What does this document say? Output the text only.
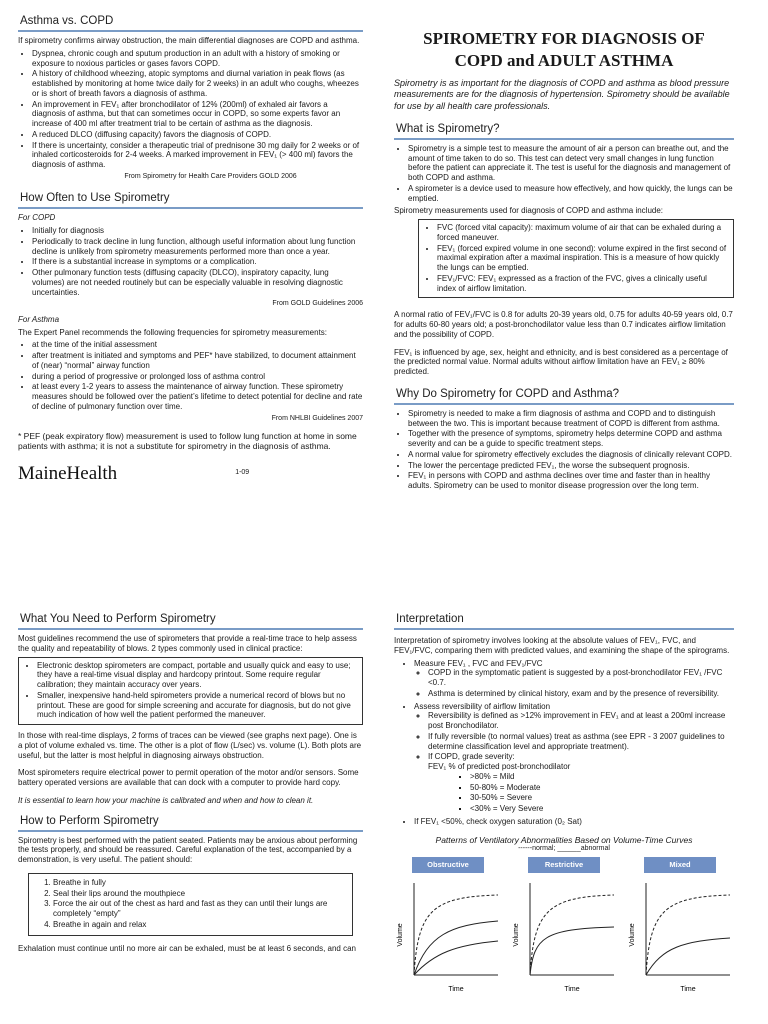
Asthma vs. COPD

If spirometry confirms airway obstruction, the main differential diagnoses are COPD and asthma.

• Dyspnea, chronic cough and sputum production in an adult with a history of smoking or exposure to noxious particles or gases favors COPD.
• A history of childhood wheezing, atopic symptoms and diurnal variation in peak flows (as established by monitoring at home twice daily for 2 weeks) in an adult who coughs, wheezes or is short of breath favors a diagnosis of asthma.
• An improvement in FEV₁ after bronchodilator of 12% (200ml) of exhaled air favors a diagnosis of asthma, but that can sometimes occur in COPD, so some experts favor an increase of 400 ml after treatment trial to be certain of asthma as the diagnosis.
• A reduced DLCO (diffusing capacity) favors the diagnosis of COPD.
• If there is uncertainty, consider a therapeutic trial of prednisone 30 mg daily for 2 weeks or of inhaled corticosteroids for 2-4 weeks. A marked improvement in FEV₁ (> 400 ml) favors the diagnosis of asthma.
From Spirometry for Health Care Providers GOLD 2006
How Often to Use Spirometry

For COPD

• Initially for diagnosis
• Periodically to track decline in lung function, although useful information about lung function decline is unlikely from spirometry measurements performed more than once a year.
• If there is a substantial increase in symptoms or a complication.
• Other pulmonary function tests (diffusing capacity (DLCO), inspiratory capacity, lung volumes) are not needed routinely but can be especially valuable in resolving diagnostic uncertainties.
From GOLD Guidelines 2006

For Asthma

The Expert Panel recommends the following frequencies for spirometry measurements:

• at the time of the initial assessment
• after treatment is initiated and symptoms and PEF* have stabilized, to document attainment of (near) “normal” airway function
• during a period of progressive or prolonged loss of asthma control
• at least every 1-2 years to assess the maintenance of airway function. These spirometry measures should be followed over the patient’s lifetime to detect potential for decline and rate of decline of pulmonary function over time.
From NHLBI Guidelines 2007

* PEF (peak expiratory flow) measurement is used to follow lung function at home in some patients with asthma; it is not a substitute for spirometry in the diagnosis of asthma.

MaineHealth	1-09
SPIROMETRY FOR DIAGNOSIS OF
COPD and ADULT ASTHMA

Spirometry is as important for the diagnosis of COPD and asthma as blood pressure measurements are for the diagnosis of hypertension. Spirometry should be available for use by all health care professionals.

What is Spirometry?
• Spirometry is a simple test to measure the amount of air a person can breathe out, and the amount of time taken to do so. This test can detect very small changes in lung function before the patient can appreciate it. The test is useful for the diagnosis and management of both COPD and asthma.
• A spirometer is a device used to measure how effectively, and how quickly, the lungs can be emptied.

Spirometry measurements used for diagnosis of COPD and asthma include:

• FVC (forced vital capacity): maximum volume of air that can be exhaled during a forced maneuver.
• FEV₁ (forced expired volume in one second): volume expired in the first second of maximal expiration after a maximal inspiration. This is a measure of how quickly the lungs can be emptied.
• FEV₁/FVC: FEV₁ expressed as a fraction of the FVC, gives a clinically useful index of airflow limitation.

A normal ratio of FEV₁/FVC is 0.8 for adults 20-39 years old, 0.75 for adults 40-59 years old, 0.7 for adults 60-80 years old; a post-bronchodilator value less than 0.7 indicates airflow limitation and the possibility of COPD.

FEV₁ is influenced by age, sex, height and ethnicity, and is best considered as a percentage of the predicted normal value. Normal adults without airflow limitation have an FEV₁ ≥ 80% predicted.

Why Do Spirometry for COPD and Asthma?
• Spirometry is needed to make a firm diagnosis of asthma and COPD and to distinguish between the two. This is important because treatment of COPD is different from asthma.
• Together with the presence of symptoms, spirometry helps determine COPD and asthma severity and can be a guide to specific treatment steps.
• A normal value for spirometry effectively excludes the diagnosis of clinically relevant COPD.
• The lower the percentage predicted FEV₁, the worse the subsequent prognosis.
• FEV₁ in persons with COPD and asthma declines over time and faster than in healthy adults. Spirometry can be used to monitor disease progression over the long term.
What You Need to Perform Spirometry

Most guidelines recommend the use of spirometers that provide a real-time trace to help assess the quality and repeatability of blows. 2 types commonly used in clinical practice:

• Electronic desktop spirometers are compact, portable and usually quick and easy to use; they have a real-time visual display and hardcopy printout. Some require regular calibration; they maintain accuracy over years.
• Smaller, inexpensive hand-held spirometers provide a numerical record of blows but no printout. These are good for simple screening and accurate for diagnosis, but do not give much indication of how well the patient performed the maneuver.

In those with real-time displays, 2 forms of traces can be viewed (see graphs next page). One is a plot of volume exhaled vs. time. The other is a plot of flow (L/sec) vs. volume (L). Both plots are useful, but the latter is most helpful in diagnosing airways obstruction.

Most spirometers require electrical power to permit operation of the motor and/or sensors. Some battery operated versions are available that can dock with a computer to provide hard copy.

It is essential to learn how your machine is calibrated and when and how to clean it.

How to Perform Spirometry

Spirometry is best performed with the patient seated. Patients may be anxious about performing the tests properly, and should be reassured. Careful explanation of the test, accompanied by a demonstration, is very useful. The patient should:

1. Breathe in fully
2. Seal their lips around the mouthpiece
3. Force the air out of the chest as hard and fast as they can until their lungs are completely “empty”
4. Breathe in again and relax

Exhalation must continue until no more air can be exhaled, must be at least 6 seconds, and can

Interpretation

Interpretation of spirometry involves looking at the absolute values of FEV₁, FVC, and FEV₁/FVC, comparing them with predicted values, and examining the shape of the spirograms.

• Measure FEV₁ , FVC and FEV₁/FVC
◦ COPD in the symptomatic patient is suggested by a post-bronchodilator FEV₁ /FVC <0.7.
◦ Asthma is determined by clinical history, exam and by the presence of reversibility.
• Assess reversibility of airflow limitation
◦ Reversibility is defined as >12% improvement in FEV₁ and at least a 200ml increase post Bronchodilator.
◦ If fully reversible (to normal values) treat as asthma (see EPR - 3 2007 guidelines to determine classification level and appropriate treatment).
◦ If COPD, grade severity:
FEV₁ % of predicted post-bronchodilator
▪ >80% = Mild
▪ 50-80% = Moderate
▪ 30-50% = Severe
▪ <30% = Very Severe
• If FEV₁ <50%, check oxygen saturation (0₂ Sat)
Patterns of Ventilatory Abnormalities Based on Volume-Time Curves
------normal; ______abnormal
Obstructive
Volume
Time
Restrictive
Volume
Time
Mixed
Volume
Time
